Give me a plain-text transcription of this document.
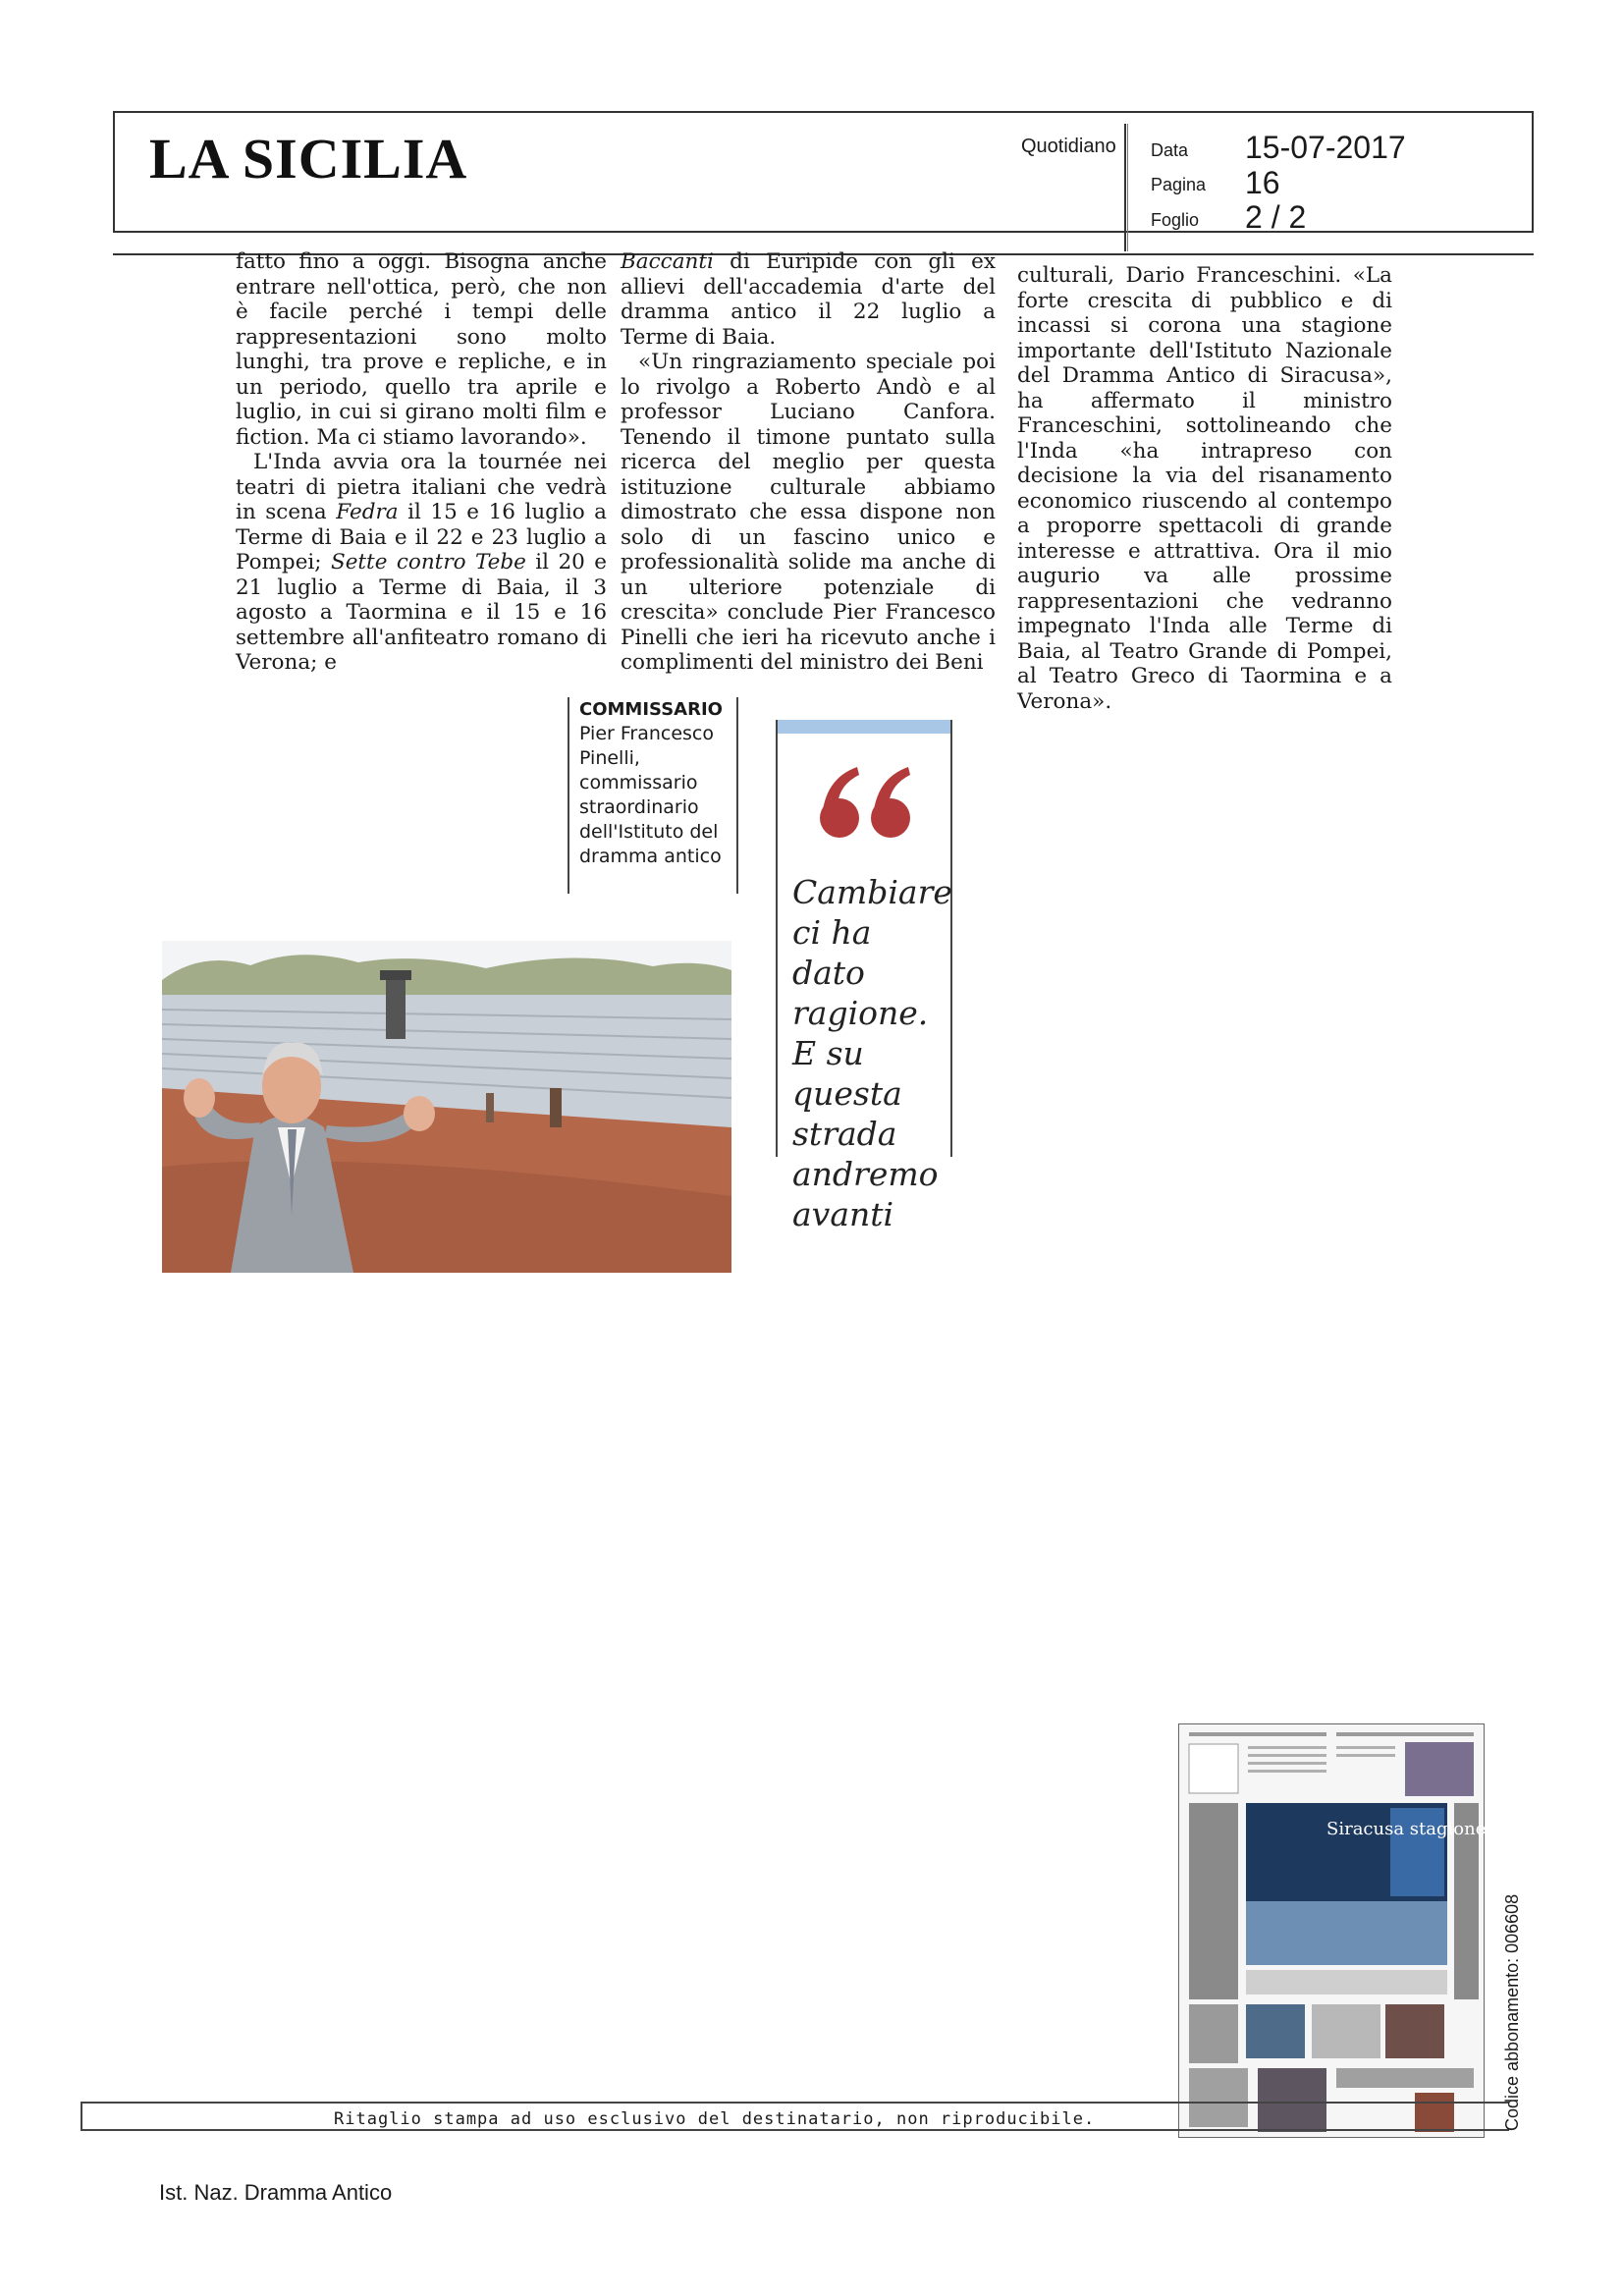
LA SICILIA	Quotidiano Data 15-07-2017
Pagina 16
Foglio 2 / 2

fatto fino a oggi. Bisogna anche entrare nell'ottica, però, che non è facile perché i tempi delle rappresentazioni sono molto lunghi, tra prove e repliche, e in un periodo, quello tra aprile e luglio, in cui si girano molti film e fiction. Ma ci stiamo lavorando».

L'Inda avvia ora la tournée nei teatri di pietra italiani che vedrà in scena Fedra il 15 e 16 luglio a Terme di Baia e il 22 e 23 luglio a Pompei; Sette contro Tebe il 20 e 21 luglio a Terme di Baia, il 3 agosto a Taormina e il 15 e 16 settembre all'anfiteatro romano di Verona; e

Baccanti di Euripide con gli ex allievi dell'accademia d'arte del dramma antico il 22 luglio a Terme di Baia.

«Un ringraziamento speciale poi lo rivolgo a Roberto Andò e al professor Luciano Canfora. Tenendo il timone puntato sulla ricerca del meglio per questa istituzione culturale abbiamo dimostrato che essa dispone non solo di un fascino unico e professionalità solide ma anche di un ulteriore potenziale di crescita» conclude Pier Francesco Pinelli che ieri ha ricevuto anche i complimenti del ministro dei Beni

culturali, Dario Franceschini. «La forte crescita di pubblico e di incassi si corona una stagione importante dell'Istituto Nazionale del Dramma Antico di Siracusa», ha affermato il ministro Franceschini, sottolineando che l'Inda «ha intrapreso con decisione la via del risanamento economico riuscendo al contempo a proporre spettacoli di grande interesse e attrattiva. Ora il mio augurio va alle prossime rappresentazioni che vedranno impegnato l'Inda alle Terme di Baia, al Teatro Grande di Pompei, al Teatro Greco di Taormina e a Verona».

COMMISSARIO
Pier Francesco Pinelli, commissario straordinario dell'Istituto del dramma antico
Cambiare ci ha dato ragione. E su questa strada andremo avanti
Siracusa stagione da record
Ritaglio stampa ad uso esclusivo del destinatario, non riproducibile.	Codice abbonamento: 006608
Ist. Naz. Dramma Antico
